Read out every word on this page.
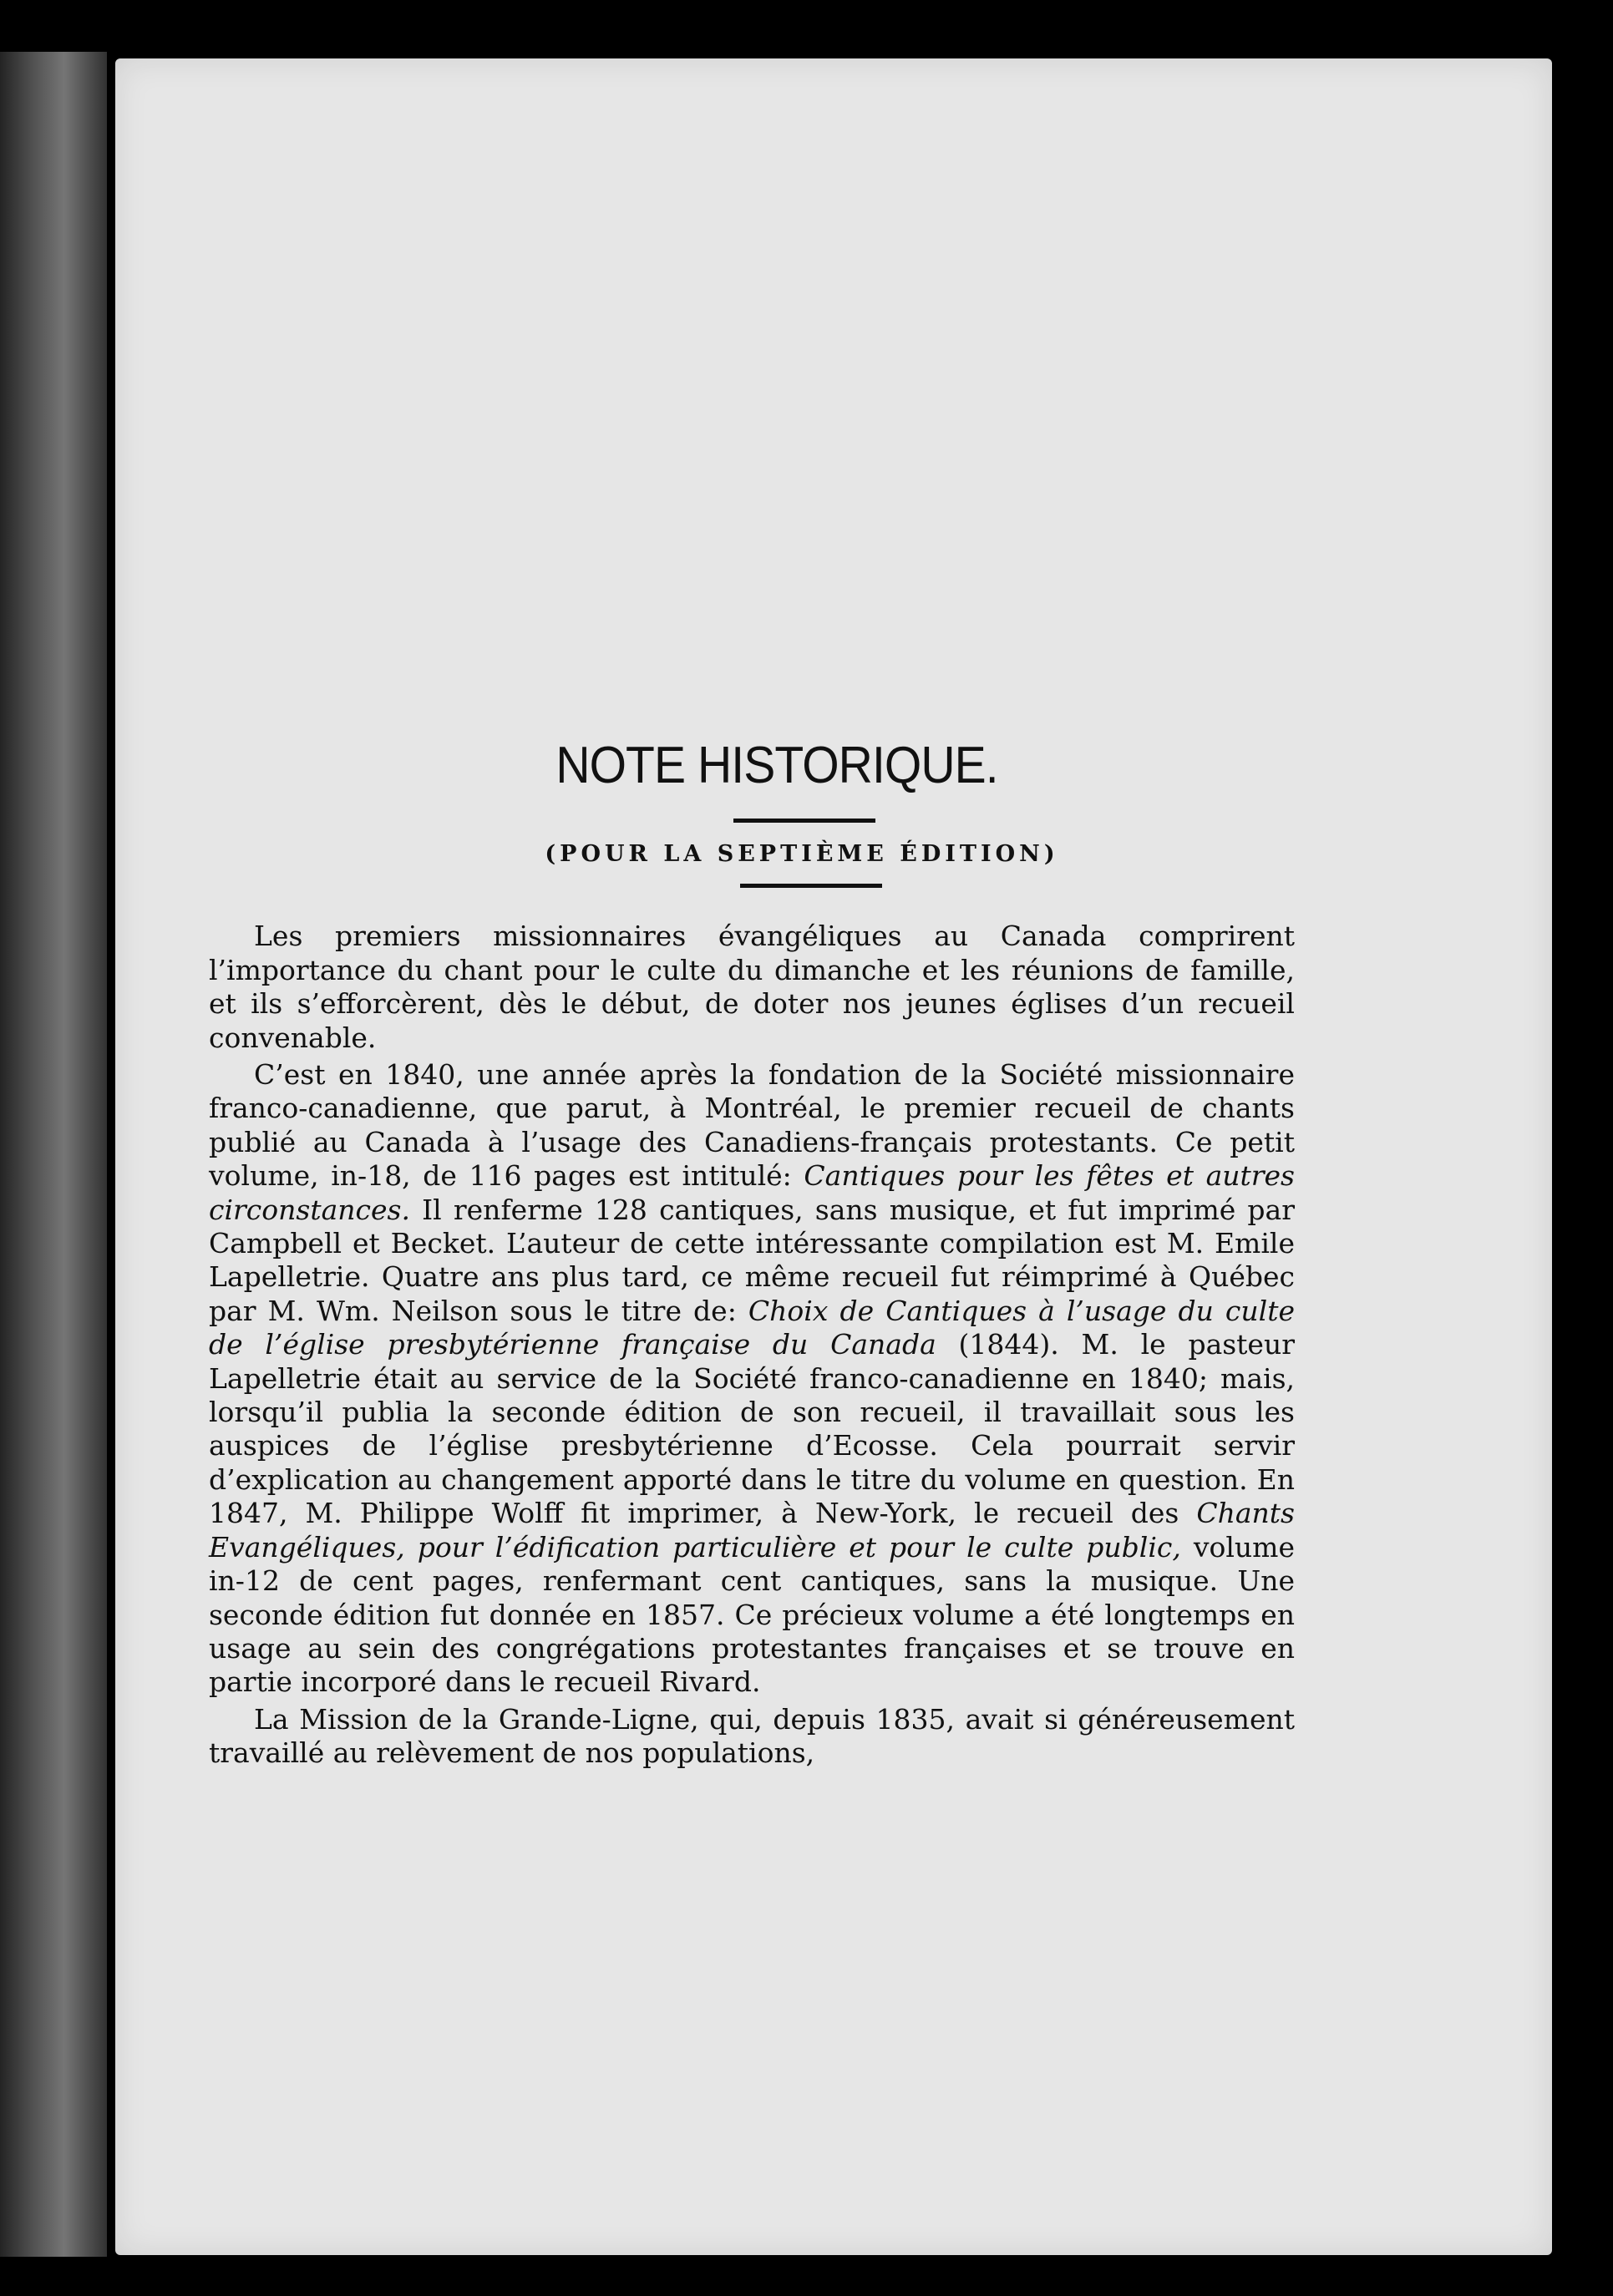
NOTE HISTORIQUE.
(POUR LA SEPTIÈME ÉDITION)

Les premiers missionnaires évangéliques au Canada comprirent l’importance du chant pour le culte du dimanche et les réunions de famille, et ils s’efforcèrent, dès le début, de doter nos jeunes églises d’un recueil convenable.

C’est en 1840, une année après la fondation de la Société missionnaire franco-canadienne, que parut, à Montréal, le premier recueil de chants publié au Canada à l’usage des Canadiens-français protestants. Ce petit volume, in-18, de 116 pages est intitulé: Cantiques pour les fêtes et autres circonstances. Il renferme 128 cantiques, sans musique, et fut imprimé par Campbell et Becket. L’auteur de cette intéressante compilation est M. Emile Lapelletrie. Quatre ans plus tard, ce même recueil fut réimprimé à Québec par M. Wm. Neilson sous le titre de: Choix de Cantiques à l’usage du culte de l’église presbytérienne française du Canada (1844). M. le pasteur Lapelletrie était au service de la Société franco-canadienne en 1840; mais, lorsqu’il publia la seconde édition de son recueil, il travaillait sous les auspices de l’église presbytérienne d’Ecosse. Cela pourrait servir d’explication au changement apporté dans le titre du volume en question. En 1847, M. Philippe Wolff fit imprimer, à New-York, le recueil des Chants Evangéliques, pour l’édification particulière et pour le culte public, volume in-12 de cent pages, renfermant cent cantiques, sans la musique. Une seconde édition fut donnée en 1857. Ce précieux volume a été longtemps en usage au sein des congrégations protestantes françaises et se trouve en partie incorporé dans le recueil Rivard.

La Mission de la Grande-Ligne, qui, depuis 1835, avait si généreusement travaillé au relèvement de nos populations,
